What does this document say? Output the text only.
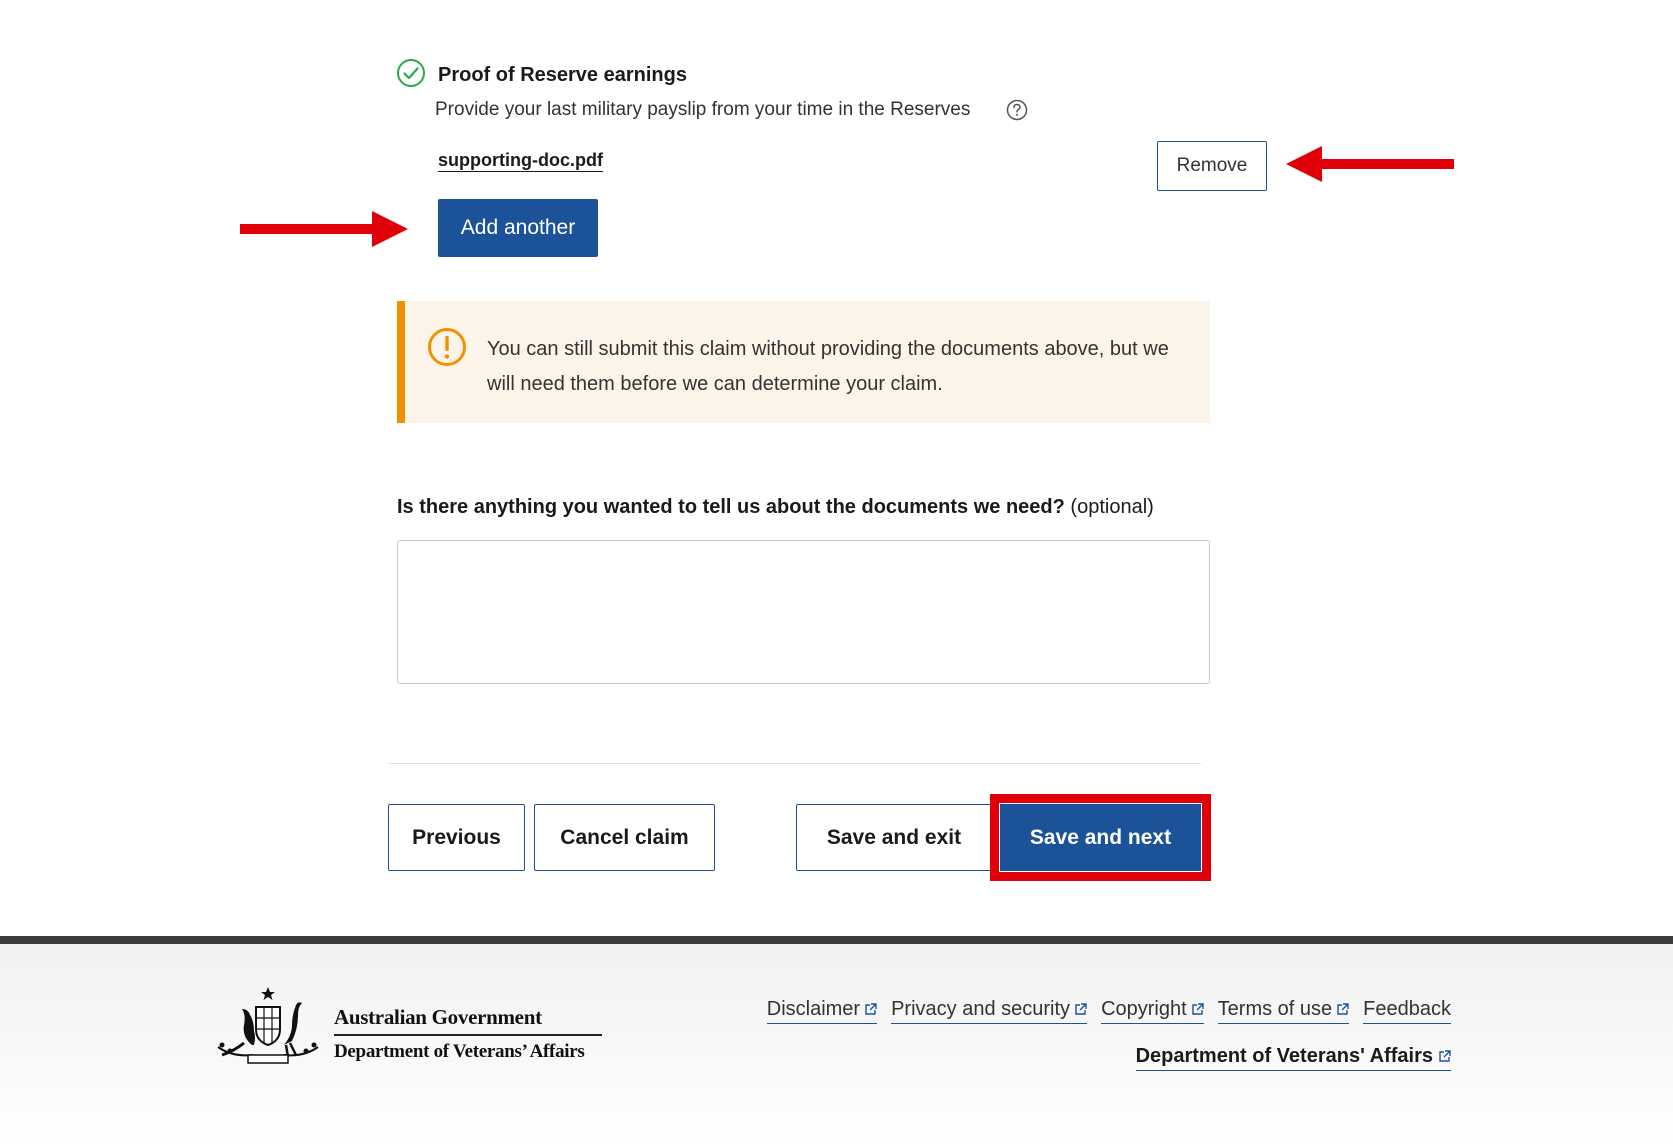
Proof of Reserve earnings
Provide your last military payslip from your time in the Reserves
supporting-doc.pdf	Remove
Add another
You can still submit this claim without providing the documents above, but we will need them before we can determine your claim.
Is there anything you wanted to tell us about the documents we need? (optional)
Previous	Cancel claim	Save and exit	Save and next
Australian Government
Department of Veterans’ Affairs
Disclaimer Privacy and security Copyright Terms of use Feedback
Department of Veterans' Affairs
